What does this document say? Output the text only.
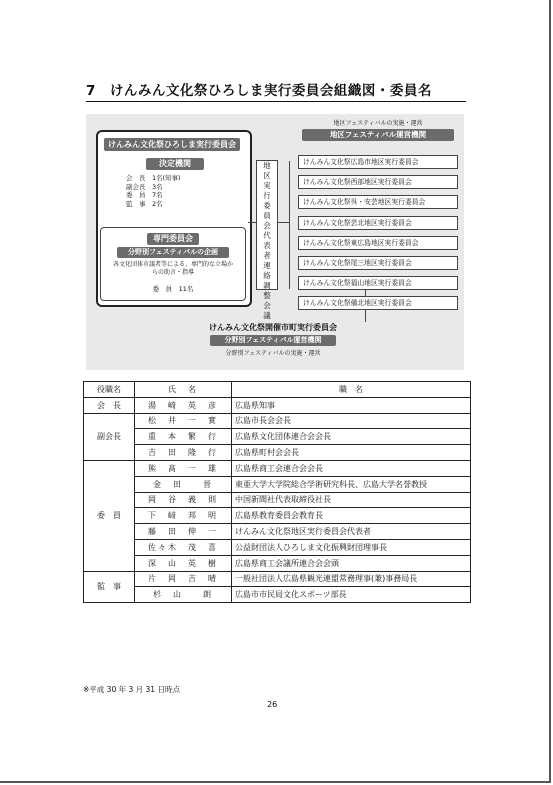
7　けんみん文化祭ひろしま実行委員会組織図・委員名
けんみん文化祭ひろしま実行委員会
決定機関
会　長　1名(知事)
副会長　3名
委　員　7名
監　事　2名
専門委員会
分野別フェスティバルの企画
各文化団体市議者等による、専門的な立場からの助言・指導
委　員　11名
地
区
実
行
委
員
会
代
表
者
連
絡
調
整
会
議
地区フェスティバルの実施・運営
地区フェスティバル運営機関
けんみん文化祭広島市地区実行委員会
けんみん文化祭西部地区実行委員会
けんみん文化祭呉・安芸地区実行委員会
けんみん文化祭芸北地区実行委員会
けんみん文化祭東広島地区実行委員会
けんみん文化祭尾三地区実行委員会
けんみん文化祭福山地区実行委員会
けんみん文化祭備北地区実行委員会
けんみん文化祭開催市町実行委員会
分野別フェスティバル運営機関
分野別フェスティバルの実施・運営
役職名	氏　名	職　名
会　長	湯　崎　英　彦	広島県知事
副会長	松　井　一　實	広島市長会会長
	重　本　繁　行	広島県文化団体連合会会長
	吉　田　隆　行	広島県町村会会長
委　員	熊　髙　一　雄	広島県商工会連合会会長
	金　田　　晉	東亜大学大学院総合学術研究科長、広島大学名誉教授
	岡　谷　義　則	中国新聞社代表取締役社長
	下　﨑　邦　明	広島県教育委員会教育長
	藤　田　伸　一	けんみん文化祭地区実行委員会代表者
	佐々木　茂　喜	公益財団法人ひろしま文化振興財団理事長
	深　山　英　樹	広島県商工会議所連合会会頭
監　事	片　岡　吉　晴	一般社団法人広島県観光連盟常務理事(兼)事務局長
	杉　山　　朗	広島市市民局文化スポーツ部長
※平成 30 年 3 月 31 日時点
26
